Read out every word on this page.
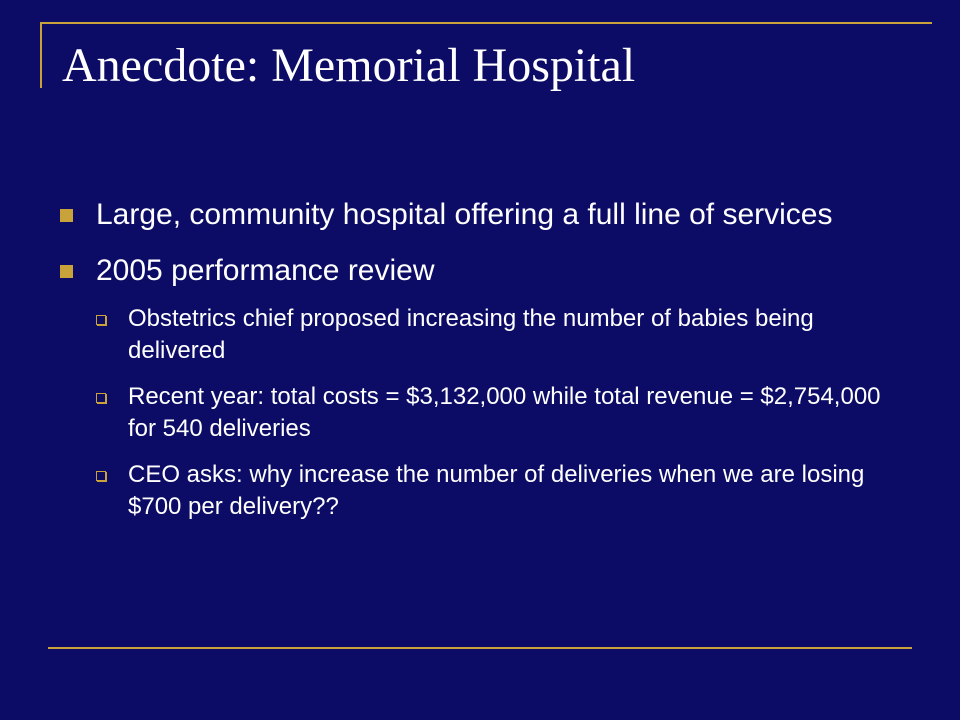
Anecdote: Memorial Hospital
Large, community hospital offering a full line of services
2005 performance review
Obstetrics chief proposed increasing the number of babies being delivered
Recent year: total costs = $3,132,000 while total revenue = $2,754,000 for 540 deliveries
CEO asks: why increase the number of deliveries when we are losing $700 per delivery??
